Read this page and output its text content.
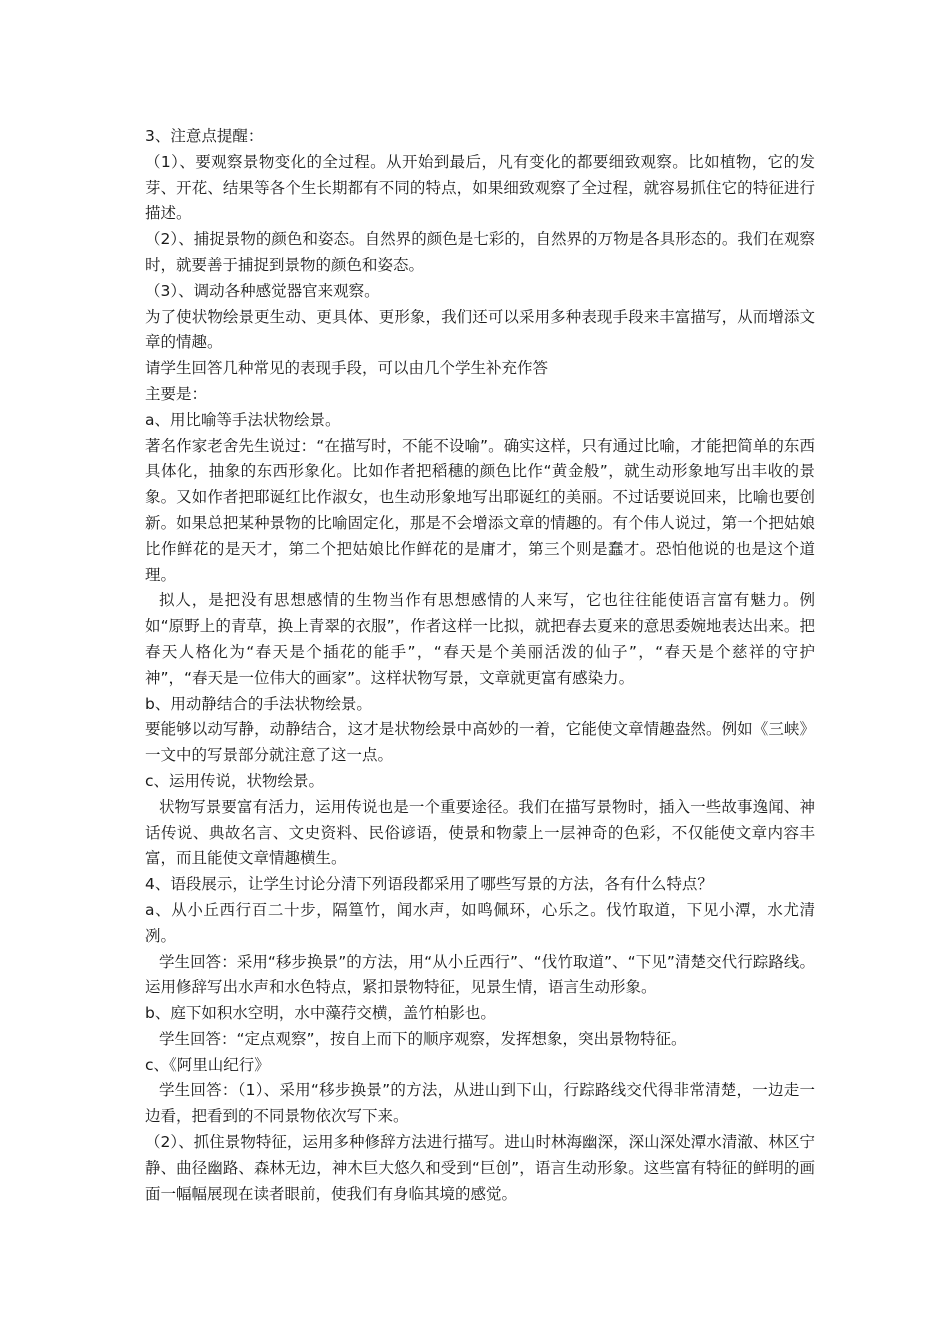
3、注意点提醒：

（1）、要观察景物变化的全过程。从开始到最后，凡有变化的都要细致观察。比如植物，它的发芽、开花、结果等各个生长期都有不同的特点，如果细致观察了全过程，就容易抓住它的特征进行描述。

（2）、捕捉景物的颜色和姿态。自然界的颜色是七彩的，自然界的万物是各具形态的。我们在观察时，就要善于捕捉到景物的颜色和姿态。

（3）、调动各种感觉器官来观察。

为了使状物绘景更生动、更具体、更形象，我们还可以采用多种表现手段来丰富描写，从而增添文章的情趣。

请学生回答几种常见的表现手段，可以由几个学生补充作答

主要是：

a、用比喻等手法状物绘景。

著名作家老舍先生说过：“在描写时，不能不设喻”。确实这样，只有通过比喻，才能把简单的东西具体化，抽象的东西形象化。比如作者把稻穗的颜色比作“黄金般”，就生动形象地写出丰收的景象。又如作者把耶诞红比作淑女，也生动形象地写出耶诞红的美丽。不过话要说回来，比喻也要创新。如果总把某种景物的比喻固定化，那是不会增添文章的情趣的。有个伟人说过，第一个把姑娘比作鲜花的是天才，第二个把姑娘比作鲜花的是庸才，第三个则是蠢才。恐怕他说的也是这个道理。

拟人，是把没有思想感情的生物当作有思想感情的人来写，它也往往能使语言富有魅力。例如“原野上的青草，换上青翠的衣服”，作者这样一比拟，就把春去夏来的意思委婉地表达出来。把春天人格化为“春天是个插花的能手”，“春天是个美丽活泼的仙子”，“春天是个慈祥的守护神”，“春天是一位伟大的画家”。这样状物写景，文章就更富有感染力。

b、用动静结合的手法状物绘景。

要能够以动写静，动静结合，这才是状物绘景中高妙的一着，它能使文章情趣盎然。例如《三峡》一文中的写景部分就注意了这一点。

c、运用传说，状物绘景。

状物写景要富有活力，运用传说也是一个重要途径。我们在描写景物时，插入一些故事逸闻、神话传说、典故名言、文史资料、民俗谚语，使景和物蒙上一层神奇的色彩，不仅能使文章内容丰富，而且能使文章情趣横生。

4、语段展示，让学生讨论分清下列语段都采用了哪些写景的方法，各有什么特点？

a、从小丘西行百二十步，隔篁竹，闻水声，如鸣佩环，心乐之。伐竹取道，下见小潭，水尤清冽。

学生回答：采用“移步换景”的方法，用“从小丘西行”、“伐竹取道”、“下见”清楚交代行踪路线。运用修辞写出水声和水色特点，紧扣景物特征，见景生情，语言生动形象。

b、庭下如积水空明，水中藻荇交横，盖竹柏影也。

学生回答：“定点观察”，按自上而下的顺序观察，发挥想象，突出景物特征。

c、《阿里山纪行》

学生回答：（1）、采用“移步换景”的方法，从进山到下山，行踪路线交代得非常清楚，一边走一边看，把看到的不同景物依次写下来。

（2）、抓住景物特征，运用多种修辞方法进行描写。进山时林海幽深，深山深处潭水清澈、林区宁静、曲径幽路、森林无边，神木巨大悠久和受到“巨创”，语言生动形象。这些富有特征的鲜明的画面一幅幅展现在读者眼前，使我们有身临其境的感觉。
